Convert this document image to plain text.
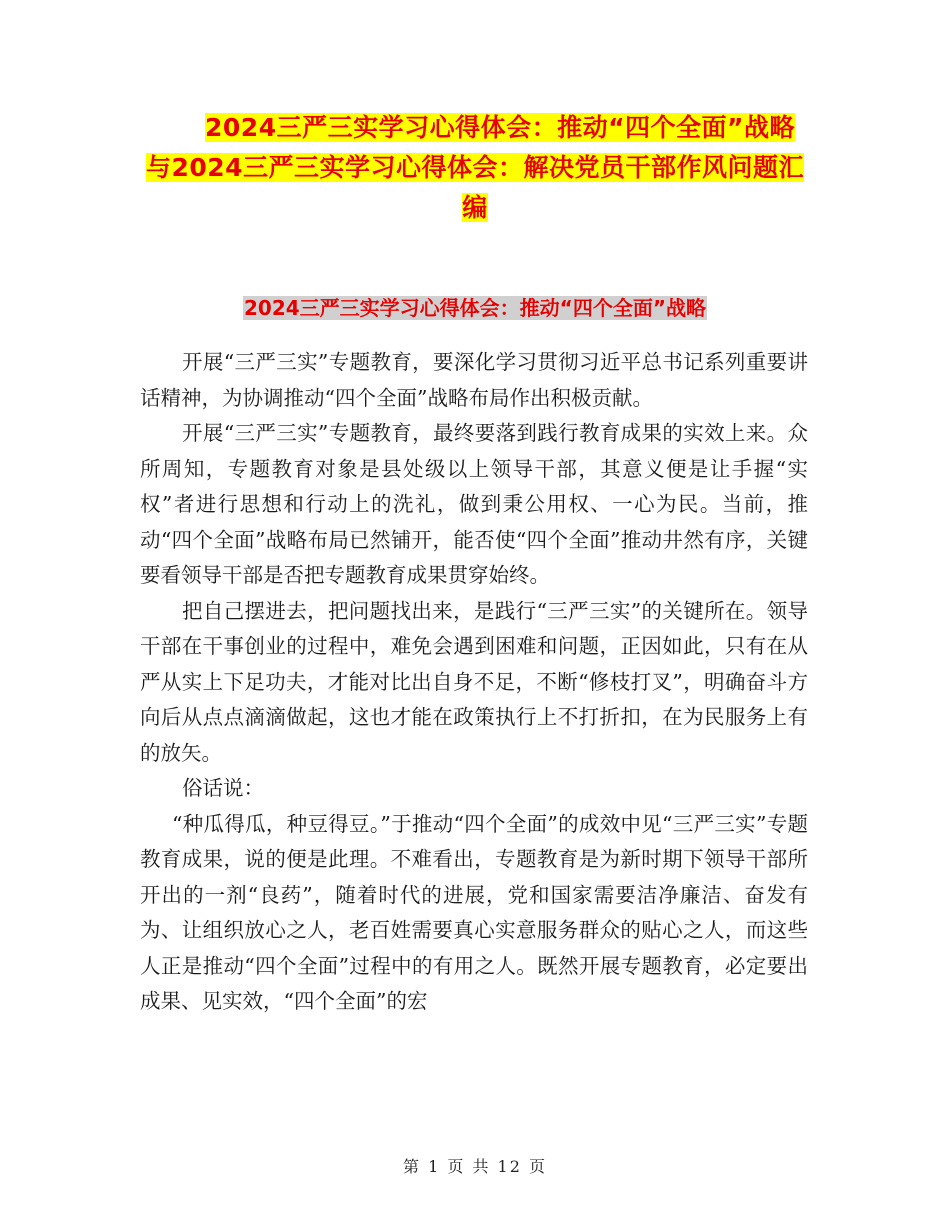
2024三严三实学习心得体会：推动“四个全面”战略
与2024三严三实学习心得体会：解决党员干部作风问题汇
编
2024三严三实学习心得体会：推动“四个全面”战略

开展“三严三实”专题教育，要深化学习贯彻习近平总书记系列重要讲话精神，为协调推动“四个全面”战略布局作出积极贡献。

开展“三严三实”专题教育，最终要落到践行教育成果的实效上来。众所周知，专题教育对象是县处级以上领导干部，其意义便是让手握“实权”者进行思想和行动上的洗礼，做到秉公用权、一心为民。当前，推动“四个全面”战略布局已然铺开，能否使“四个全面”推动井然有序，关键要看领导干部是否把专题教育成果贯穿始终。

把自己摆进去，把问题找出来，是践行“三严三实”的关键所在。领导干部在干事创业的过程中，难免会遇到困难和问题，正因如此，只有在从严从实上下足功夫，才能对比出自身不足，不断“修枝打叉”，明确奋斗方向后从点点滴滴做起，这也才能在政策执行上不打折扣，在为民服务上有的放矢。

俗话说：

“种瓜得瓜，种豆得豆。”于推动“四个全面”的成效中见“三严三实”专题教育成果，说的便是此理。不难看出，专题教育是为新时期下领导干部所开出的一剂“良药”，随着时代的进展，党和国家需要洁净廉洁、奋发有为、让组织放心之人，老百姓需要真心实意服务群众的贴心之人，而这些人正是推动“四个全面”过程中的有用之人。既然开展专题教育，必定要出成果、见实效，“四个全面”的宏

第 1 页 共 12 页
